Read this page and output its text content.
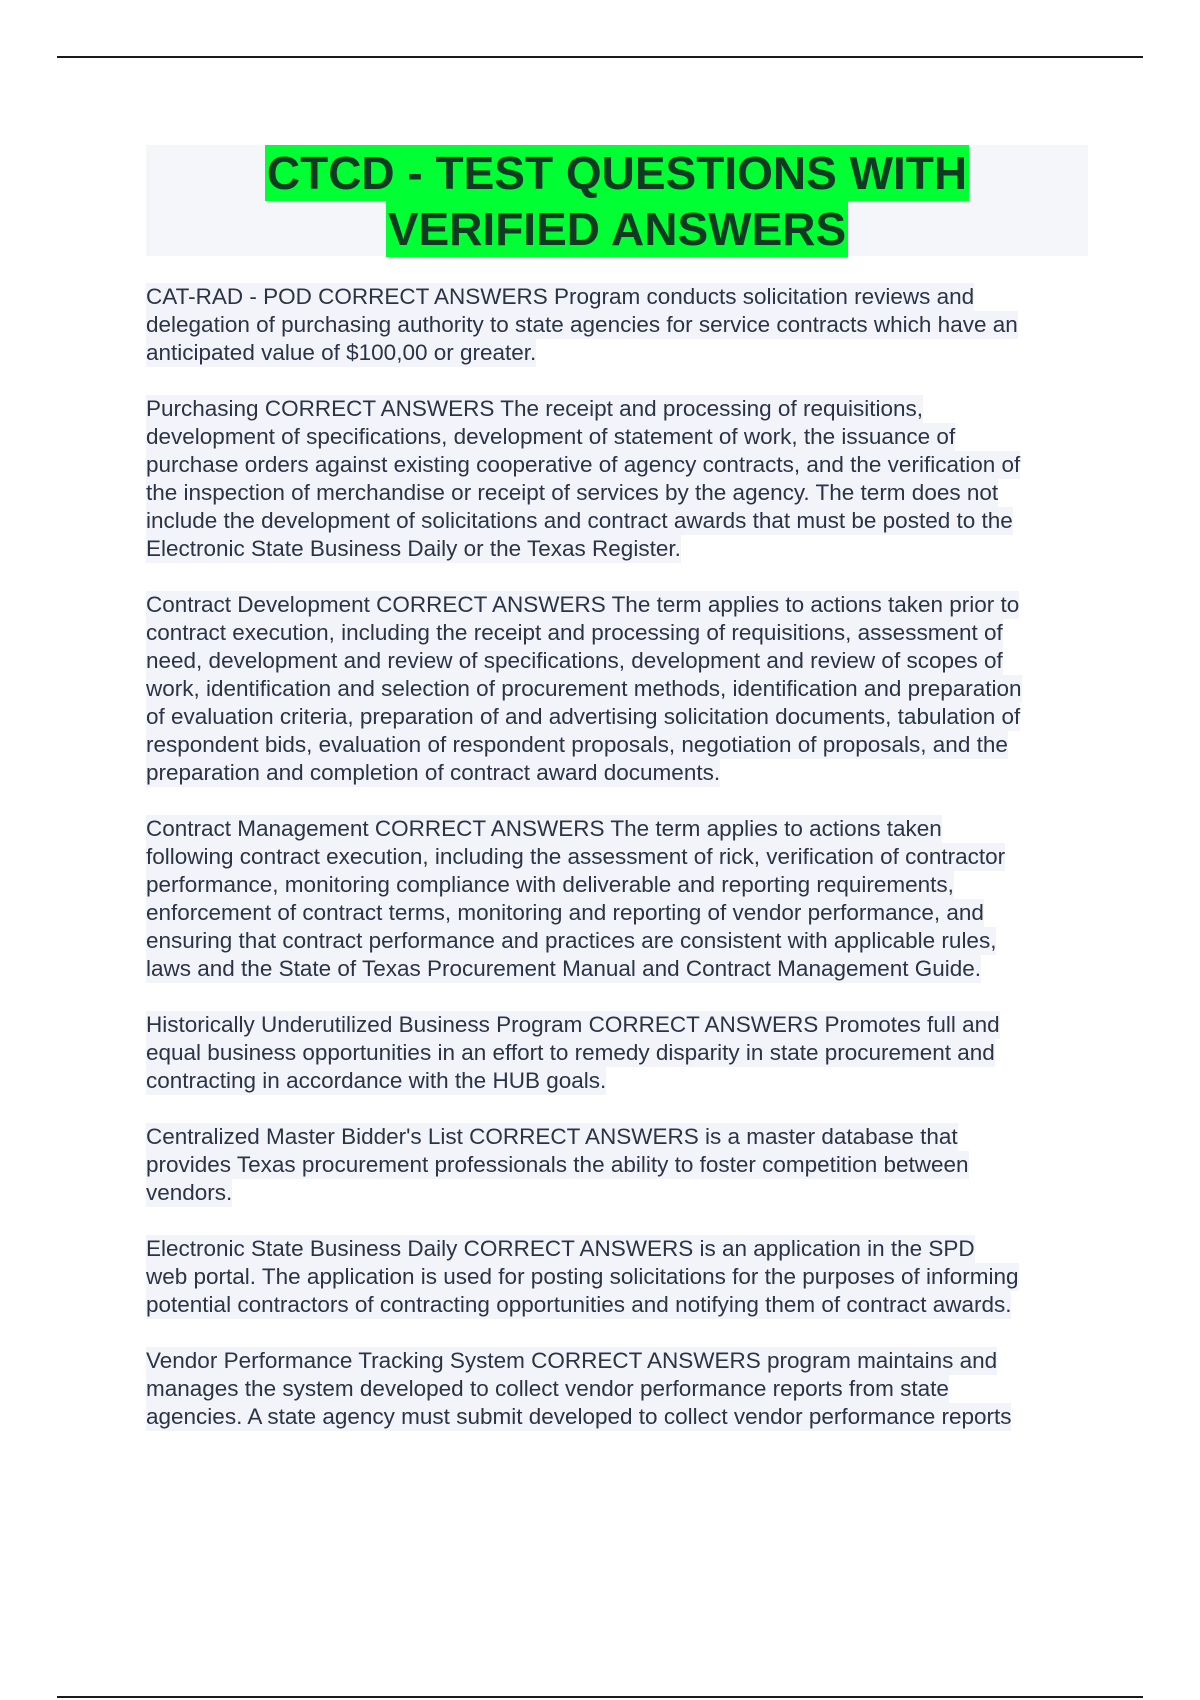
CTCD - TEST QUESTIONS WITH
VERIFIED ANSWERS
CAT-RAD - POD CORRECT ANSWERS Program conducts solicitation reviews and
delegation of purchasing authority to state agencies for service contracts which have an
anticipated value of $100,00 or greater.
Purchasing CORRECT ANSWERS The receipt and processing of requisitions,
development of specifications, development of statement of work, the issuance of
purchase orders against existing cooperative of agency contracts, and the verification of
the inspection of merchandise or receipt of services by the agency. The term does not
include the development of solicitations and contract awards that must be posted to the
Electronic State Business Daily or the Texas Register.
Contract Development CORRECT ANSWERS The term applies to actions taken prior to
contract execution, including the receipt and processing of requisitions, assessment of
need, development and review of specifications, development and review of scopes of
work, identification and selection of procurement methods, identification and preparation
of evaluation criteria, preparation of and advertising solicitation documents, tabulation of
respondent bids, evaluation of respondent proposals, negotiation of proposals, and the
preparation and completion of contract award documents.
Contract Management CORRECT ANSWERS The term applies to actions taken
following contract execution, including the assessment of rick, verification of contractor
performance, monitoring compliance with deliverable and reporting requirements,
enforcement of contract terms, monitoring and reporting of vendor performance, and
ensuring that contract performance and practices are consistent with applicable rules,
laws and the State of Texas Procurement Manual and Contract Management Guide.
Historically Underutilized Business Program CORRECT ANSWERS Promotes full and
equal business opportunities in an effort to remedy disparity in state procurement and
contracting in accordance with the HUB goals.
Centralized Master Bidder's List CORRECT ANSWERS is a master database that
provides Texas procurement professionals the ability to foster competition between
vendors.
Electronic State Business Daily CORRECT ANSWERS is an application in the SPD
web portal. The application is used for posting solicitations for the purposes of informing
potential contractors of contracting opportunities and notifying them of contract awards.
Vendor Performance Tracking System CORRECT ANSWERS program maintains and
manages the system developed to collect vendor performance reports from state
agencies. A state agency must submit developed to collect vendor performance reports
